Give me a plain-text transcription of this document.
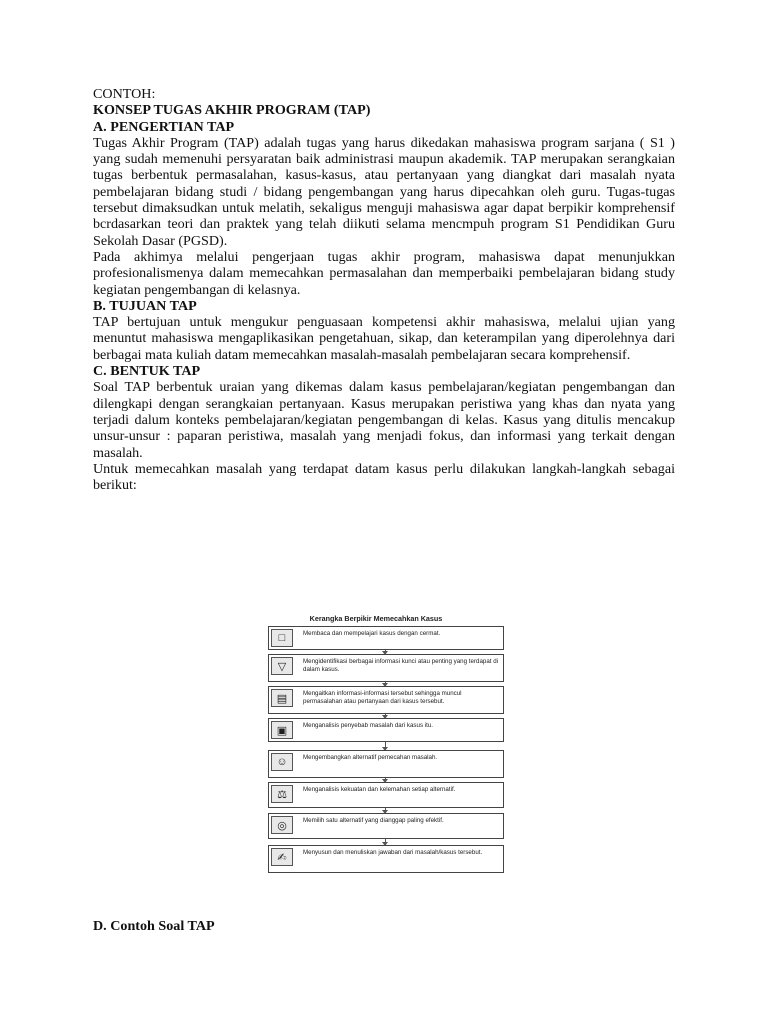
CONTOH:

KONSEP TUGAS AKHIR PROGRAM (TAP)

A. PENGERTIAN TAP

Tugas Akhir Program (TAP) adalah tugas yang harus dikedakan mahasiswa program sarjana ( S1 ) yang sudah memenuhi persyaratan baik administrasi maupun akademik. TAP merupakan serangkaian tugas berbentuk permasalahan, kasus-kasus, atau pertanyaan yang diangkat dari masalah nyata pembelajaran bidang studi / bidang pengembangan yang harus dipecahkan oleh guru. Tugas-tugas tersebut dimaksudkan untuk melatih, sekaligus menguji mahasiswa agar dapat berpikir komprehensif bcrdasarkan teori dan praktek yang telah diikuti selama mencmpuh program S1 Pendidikan Guru Sekolah Dasar (PGSD).

Pada akhimya melalui pengerjaan tugas akhir program, mahasiswa dapat menunjukkan profesionalismenya dalam memecahkan permasalahan dan memperbaiki pembelajaran bidang study kegiatan pengembangan di kelasnya.

B. TUJUAN TAP

TAP bertujuan untuk mengukur penguasaan kompetensi akhir mahasiswa, melalui ujian yang menuntut mahasiswa mengaplikasikan pengetahuan, sikap, dan keterampilan yang diperolehnya dari berbagai mata kuliah datam memecahkan masalah-masalah pembelajaran secara komprehensif.

C. BENTUK TAP

Soal TAP berbentuk uraian yang dikemas dalam kasus pembelajaran/kegiatan pengembangan dan dilengkapi dengan serangkaian pertanyaan. Kasus merupakan peristiwa yang khas dan nyata yang terjadi dalum konteks pembelajaran/kegiatan pengembangan di kelas. Kasus yang ditulis mencakup unsur-unsur : paparan peristiwa, masalah yang menjadi fokus, dan informasi yang terkait dengan masalah.

Untuk memecahkan masalah yang terdapat datam kasus perlu dilakukan langkah-langkah sebagai berikut:

Kerangka Berpikir Memecahkan Kasus
□	Membaca dan mempelajari kasus dengan cermat.
▽	Mengidentifikasi berbagai informasi kunci atau penting yang terdapat di dalam kasus.
▤	Mengaitkan informasi-informasi tersebut sehingga muncul permasalahan atau pertanyaan dari kasus tersebut.
▣	Menganalisis penyebab masalah dari kasus itu.
☺	Mengembangkan alternatif pemecahan masalah.
⚖	Menganalisis kekuatan dan kelemahan setiap alternatif.
◎	Memilih satu alternatif yang dianggap paling efektif.
✍	Menyusun dan menuliskan jawaban dari masalah/kasus tersebut.
D. Contoh Soal TAP
